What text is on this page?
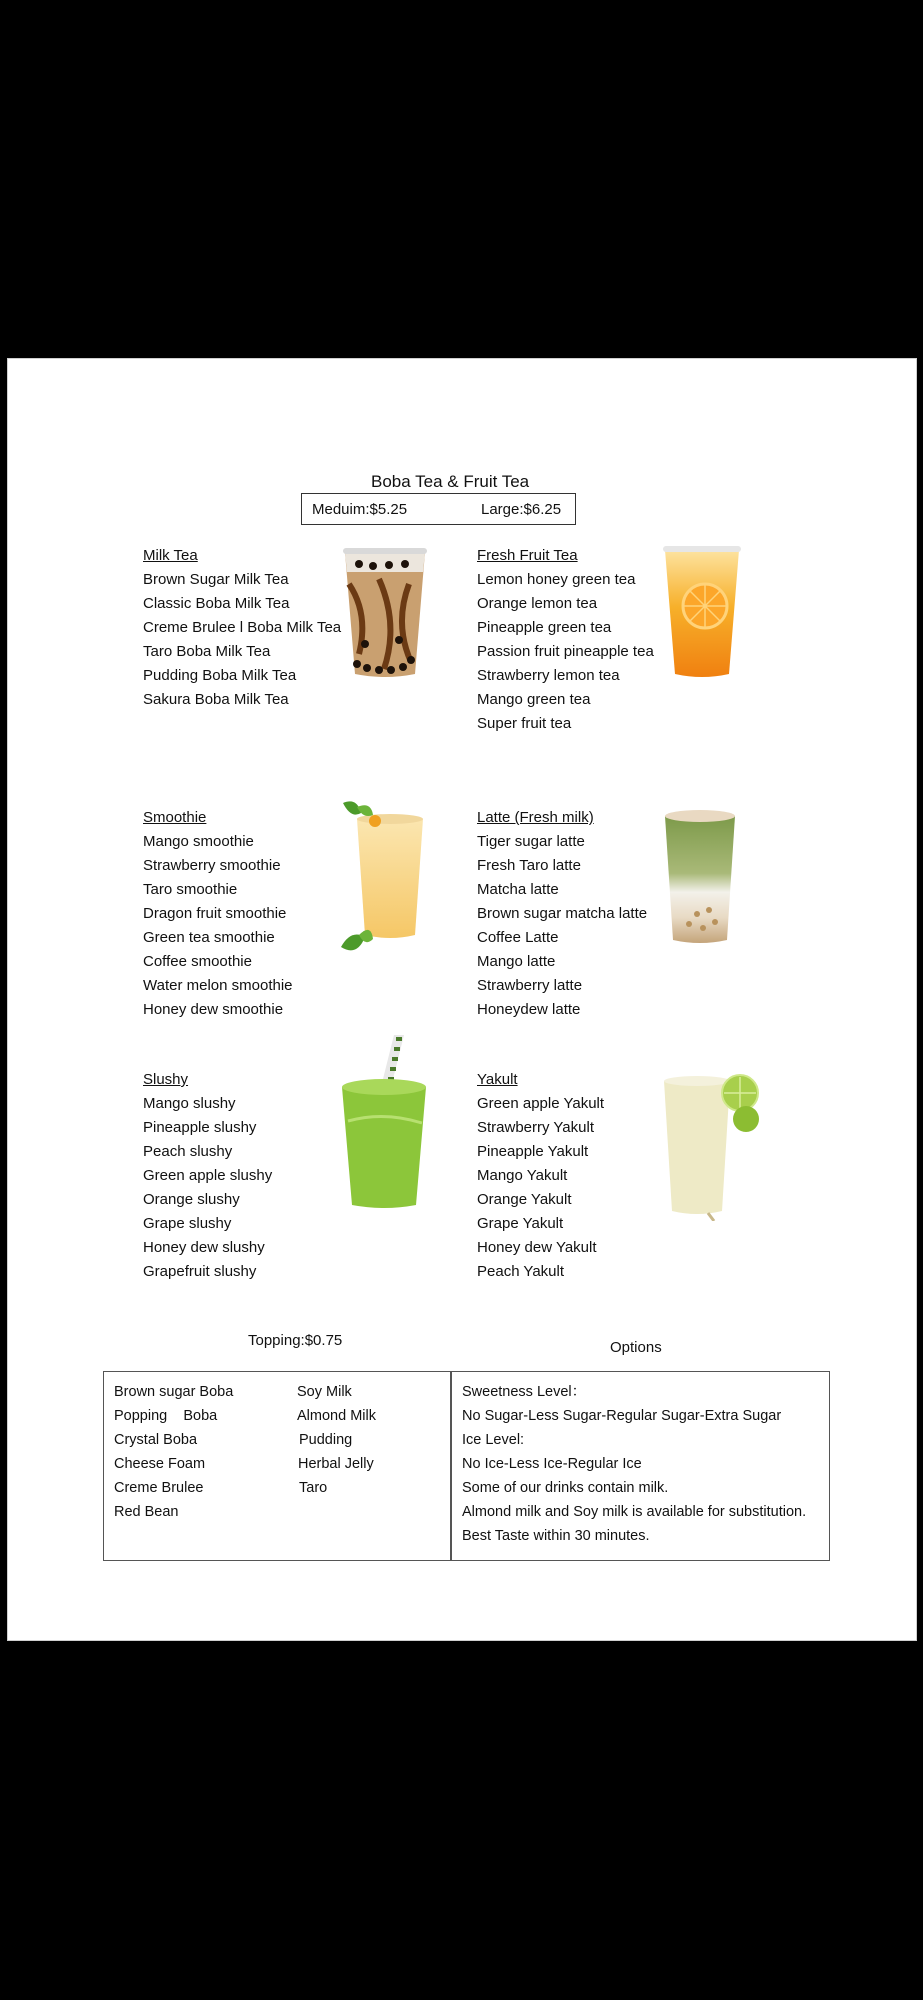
Boba Tea & Fruit Tea
Meduim:$5.25	Large:$6.25
Milk Tea
Brown Sugar Milk Tea
Classic Boba Milk Tea
Creme Brulee l Boba Milk Tea
Taro Boba Milk Tea
Pudding Boba Milk Tea
Sakura Boba Milk Tea
Fresh Fruit Tea
Lemon honey green tea
Orange lemon tea
Pineapple green tea
Passion fruit pineapple tea
Strawberry lemon tea
Mango green tea
Super fruit tea
Smoothie
Mango smoothie
Strawberry smoothie
Taro smoothie
Dragon fruit smoothie
Green tea smoothie
Coffee smoothie
Water melon smoothie
Honey dew smoothie
Latte (Fresh milk)
Tiger sugar latte
Fresh Taro latte
Matcha latte
Brown sugar matcha latte
Coffee Latte
Mango latte
Strawberry latte
Honeydew latte
Slushy
Mango slushy
Pineapple slushy
Peach slushy
Green apple slushy
Orange slushy
Grape slushy
Honey dew slushy
Grapefruit slushy
Yakult
Green apple Yakult
Strawberry Yakult
Pineapple Yakult
Mango Yakult
Orange Yakult
Grape Yakult
Honey dew Yakult
Peach Yakult
Topping:$0.75
Brown sugar Boba
Popping    Boba
Crystal Boba
Cheese Foam
Creme Brulee
Red Bean
Soy Milk
Almond Milk
Pudding
Herbal Jelly
Taro
Options
Sweetness Level：
No Sugar-Less Sugar-Regular Sugar-Extra Sugar
Ice Level:
No Ice-Less Ice-Regular Ice
Some of our drinks contain milk.
Almond milk and Soy milk is available for substitution.
Best Taste within 30 minutes.
